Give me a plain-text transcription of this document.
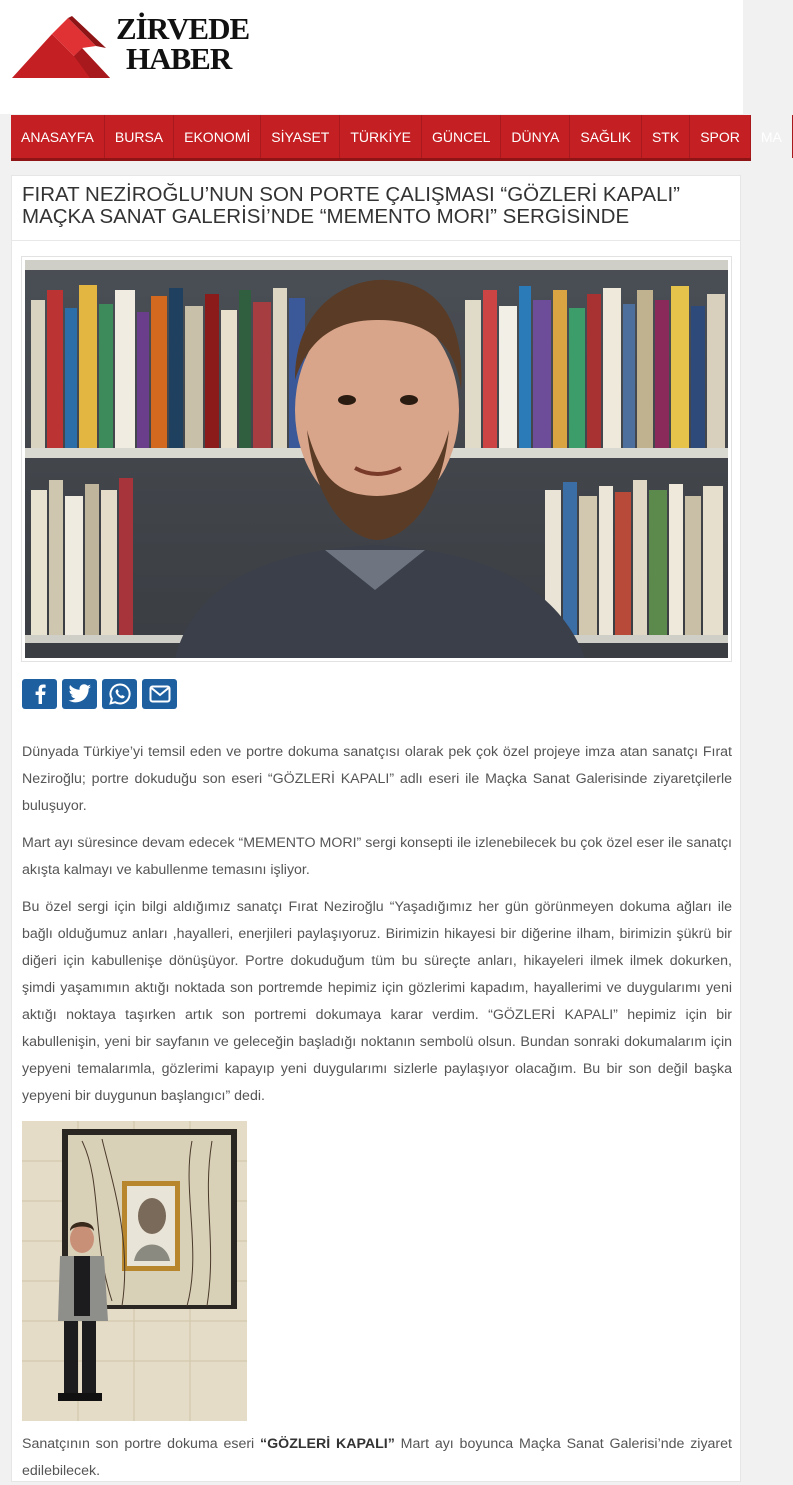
ZİRVEDE
HABER
ANASAYFA	BURSA	EKONOMİ	SİYASET	TÜRKİYE	GÜNCEL	DÜNYA	SAĞLIK	STK	SPOR	MA
FIRAT NEZİROĞLU’NUN SON PORTE ÇALIŞMASI “GÖZLERİ KAPALI” MAÇKA SANAT GALERİSİ’NDE “MEMENTO MORI” SERGİSİNDE

Dünyada Türkiye’yi temsil eden ve portre dokuma sanatçısı olarak pek çok özel projeye imza atan sanatçı Fırat Neziroğlu; portre dokuduğu son eseri “GÖZLERİ KAPALI” adlı eseri ile Maçka Sanat Galerisinde ziyaretçilerle buluşuyor.

Mart ayı süresince devam edecek “MEMENTO MORI” sergi konsepti ile izlenebilecek bu çok özel eser ile sanatçı akışta kalmayı ve kabullenme temasını işliyor.

Bu özel sergi için bilgi aldığımız sanatçı Fırat Neziroğlu “Yaşadığımız her gün görünmeyen dokuma ağları ile bağlı olduğumuz anları ,hayalleri, enerjileri paylaşıyoruz. Birimizin hikayesi bir diğerine ilham, birimizin şükrü bir diğeri için kabullenişe dönüşüyor. Portre dokuduğum tüm bu süreçte anları, hikayeleri ilmek ilmek dokurken, şimdi yaşamımın aktığı noktada son portremde hepimiz için gözlerimi kapadım, hayallerimi ve duygularımı yeni aktığı noktaya taşırken artık son portremi dokumaya karar verdim. “GÖZLERİ KAPALI” hepimiz için bir kabullenişin, yeni bir sayfanın ve geleceğin başladığı noktanın sembolü olsun. Bundan sonraki dokumalarım için yepyeni temalarımla, gözlerimi kapayıp yeni duygularımı sizlerle paylaşıyor olacağım. Bu bir son değil başka yepyeni bir duygunun başlangıcı” dedi.

Sanatçının son portre dokuma eseri “GÖZLERİ KAPALI” Mart ayı boyunca Maçka Sanat Galerisi’nde ziyaret edilebilecek.
